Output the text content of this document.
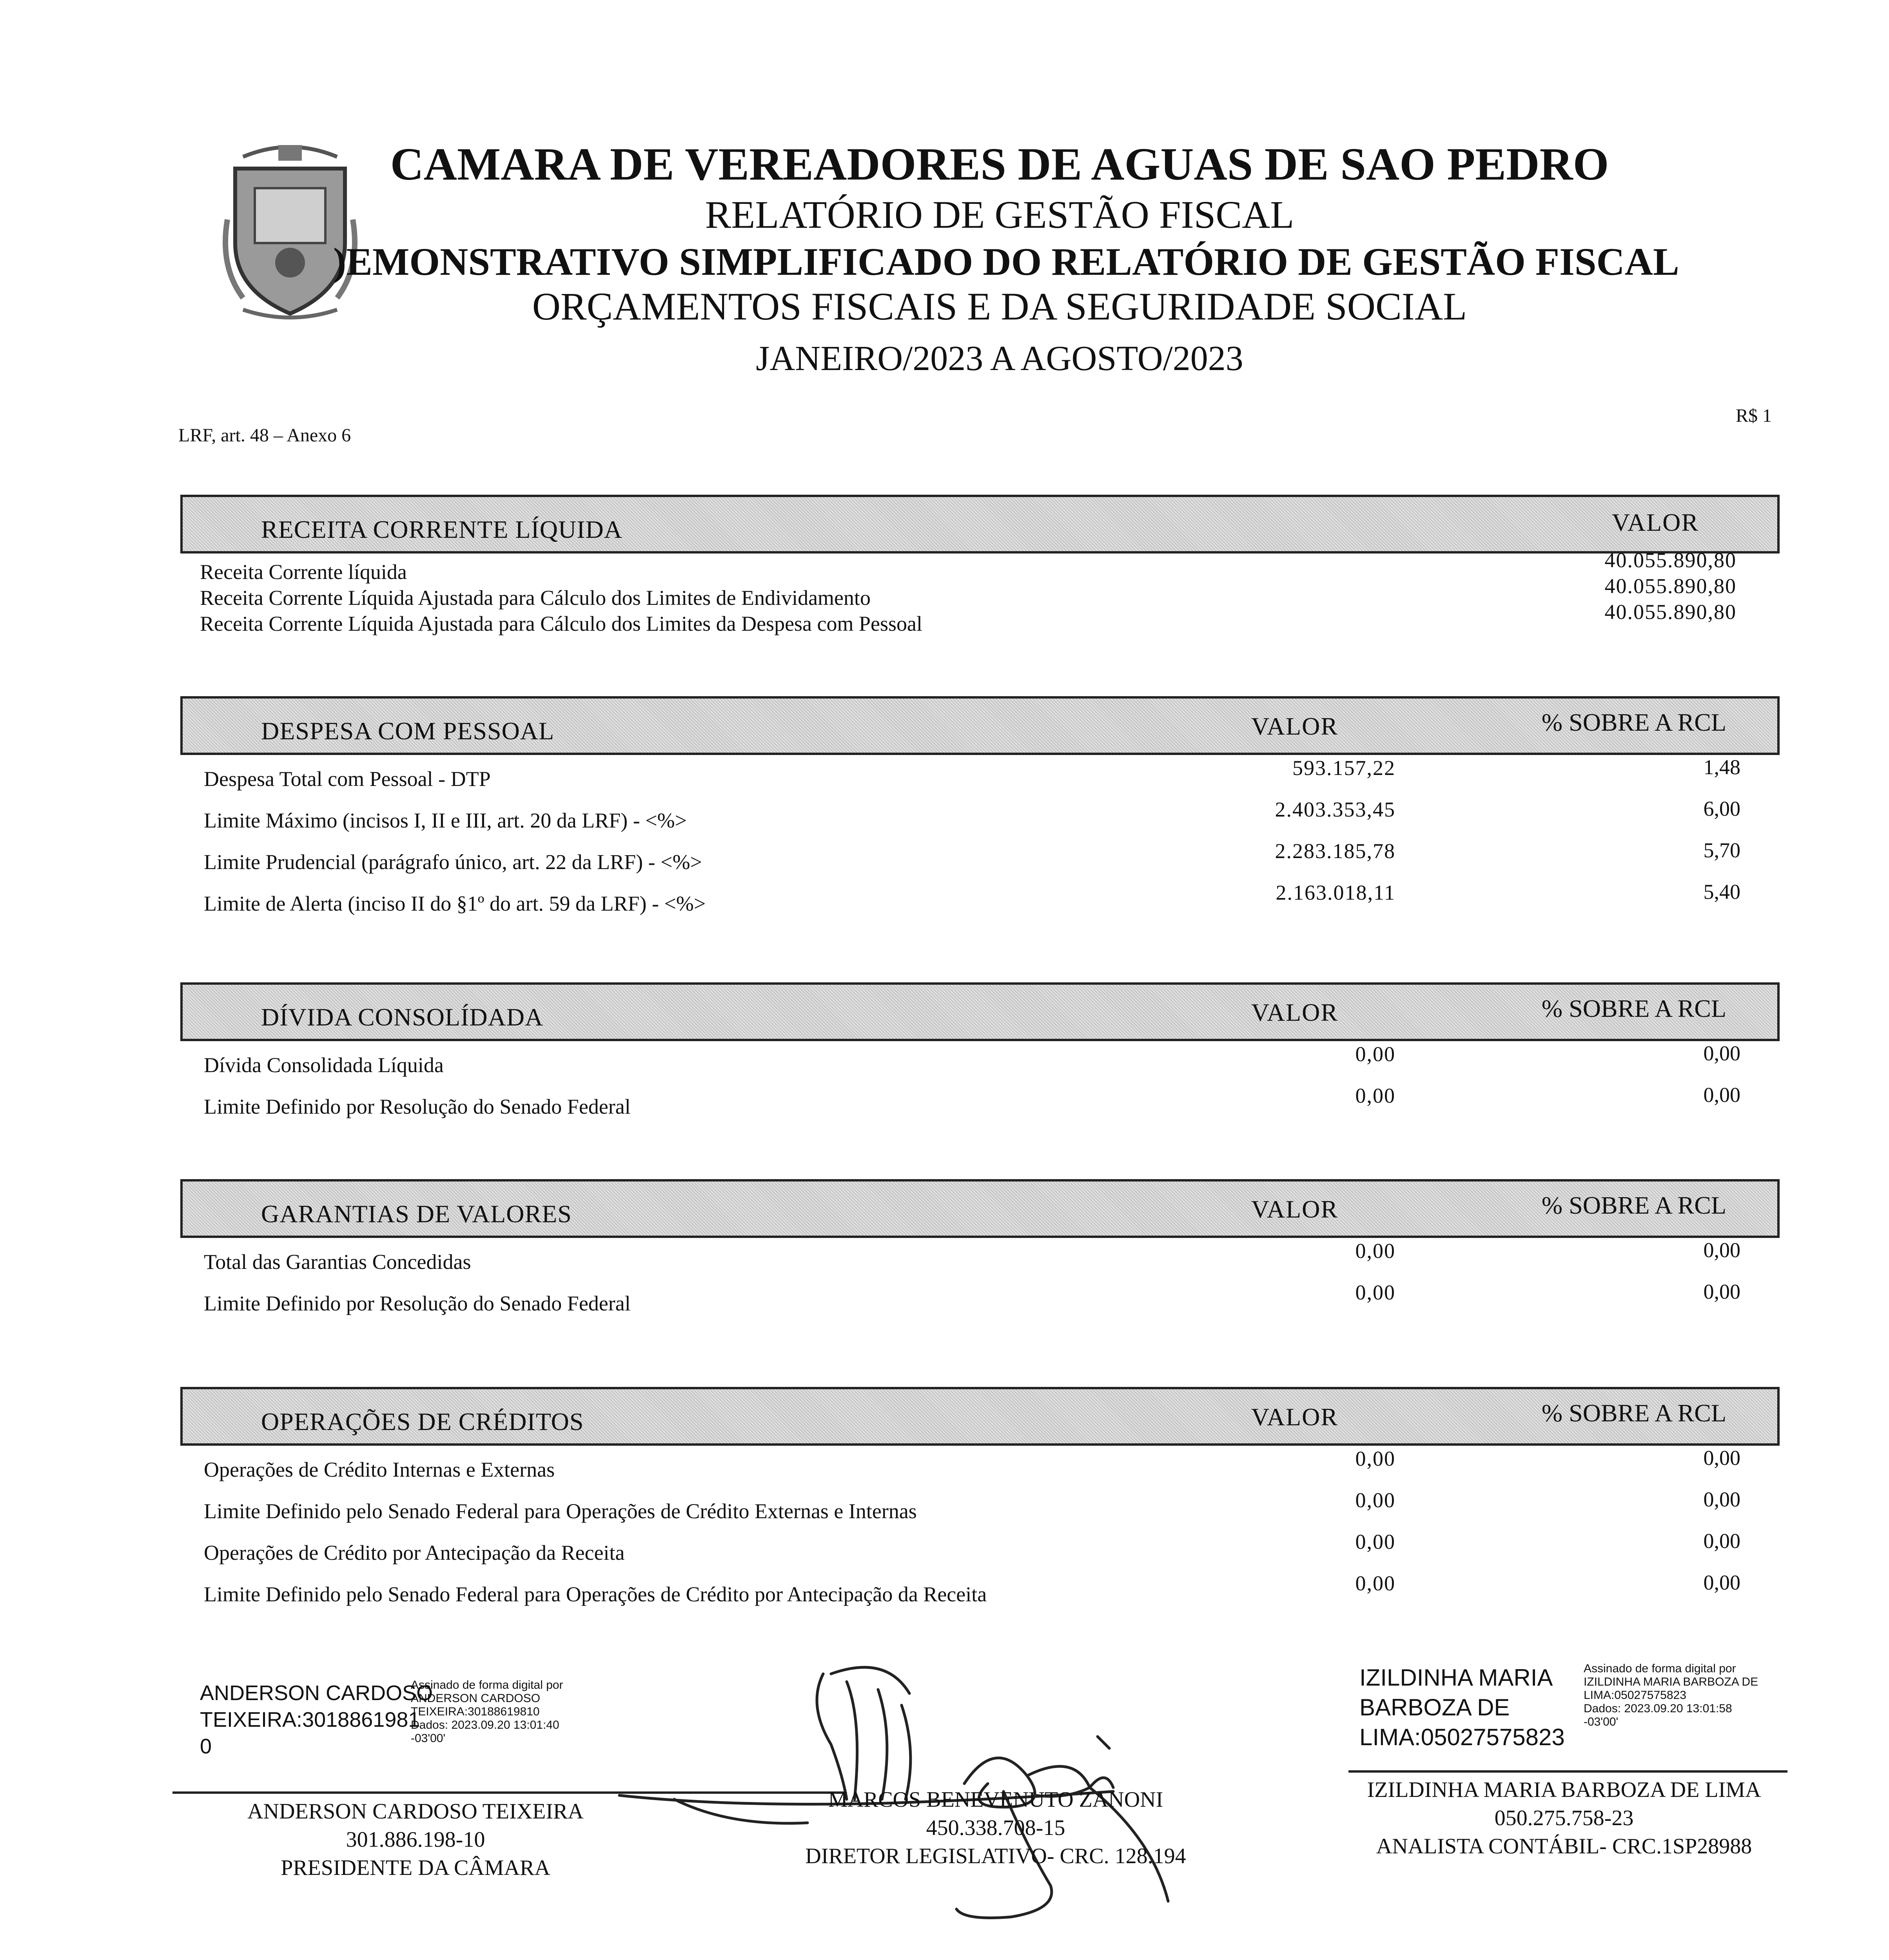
CAMARA DE VEREADORES DE AGUAS DE SAO PEDRO
RELATÓRIO DE GESTÃO FISCAL
)EMONSTRATIVO SIMPLIFICADO DO RELATÓRIO DE GESTÃO FISCAL
ORÇAMENTOS FISCAIS E DA SEGURIDADE SOCIAL
JANEIRO/2023 A AGOSTO/2023
LRF, art. 48 – Anexo 6
R$ 1
RECEITA CORRENTE LÍQUIDA	VALOR
Receita Corrente líquida	40.055.890,80
Receita Corrente Líquida Ajustada para Cálculo dos Limites de Endividamento	40.055.890,80
Receita Corrente Líquida Ajustada para Cálculo dos Limites da Despesa com Pessoal	40.055.890,80
DESPESA COM PESSOAL	VALOR	% SOBRE A RCL
Despesa Total com Pessoal - DTP	593.157,22	1,48
Limite Máximo (incisos I, II e III, art. 20 da LRF) - <%>	2.403.353,45	6,00
Limite Prudencial (parágrafo único, art. 22 da LRF) - <%>	2.283.185,78	5,70
Limite de Alerta (inciso II do §1º do art. 59 da LRF) - <%>	2.163.018,11	5,40
DÍVIDA CONSOLÍDADA	VALOR	% SOBRE A RCL
Dívida Consolidada Líquida	0,00	0,00
Limite Definido por Resolução do Senado Federal	0,00	0,00
GARANTIAS DE VALORES	VALOR	% SOBRE A RCL
Total das Garantias Concedidas	0,00	0,00
Limite Definido por Resolução do Senado Federal	0,00	0,00
OPERAÇÕES DE CRÉDITOS	VALOR	% SOBRE A RCL
Operações de Crédito Internas e Externas	0,00	0,00
Limite Definido pelo Senado Federal para Operações de Crédito Externas e Internas	0,00	0,00
Operações de Crédito por Antecipação da Receita	0,00	0,00
Limite Definido pelo Senado Federal para Operações de Crédito por Antecipação da Receita	0,00	0,00
ANDERSON CARDOSO
TEIXEIRA:3018861981
0
Assinado de forma digital por
ANDERSON CARDOSO
TEIXEIRA:30188619810
Dados: 2023.09.20 13:01:40
-03'00'
ANDERSON CARDOSO TEIXEIRA
301.886.198-10
PRESIDENTE DA CÂMARA
MARCOS BENEVENUTO ZANONI
450.338.708-15
DIRETOR LEGISLATIVO- CRC. 128.194
IZILDINHA MARIA
BARBOZA DE
LIMA:05027575823
Assinado de forma digital por
IZILDINHA MARIA BARBOZA DE
LIMA:05027575823
Dados: 2023.09.20 13:01:58
-03'00'
IZILDINHA MARIA BARBOZA DE LIMA
050.275.758-23
ANALISTA CONTÁBIL- CRC.1SP28988
